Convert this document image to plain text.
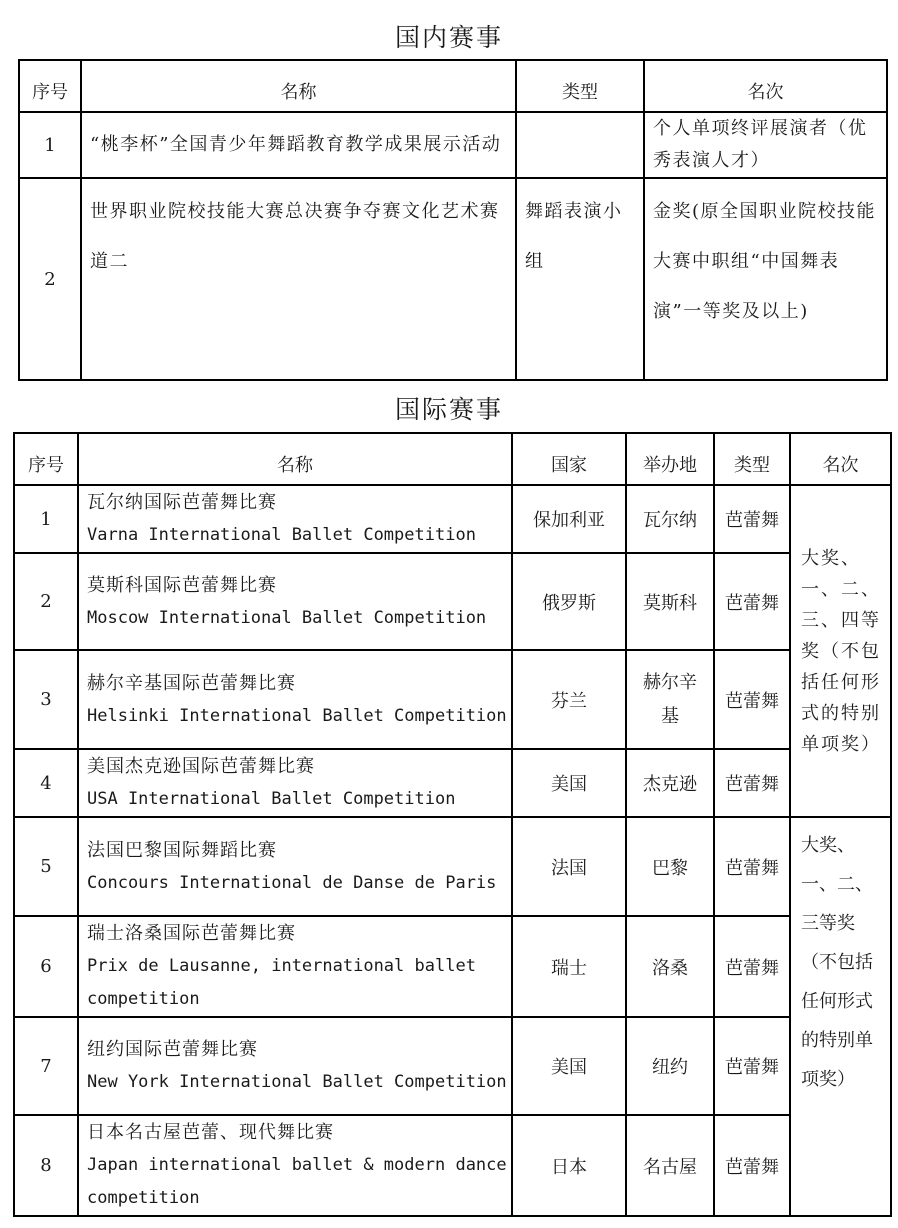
国内赛事
序号	名称	类型	名次
1	“桃李杯”全国青少年舞蹈教育教学成果展示活动		个人单项终评展演者（优秀表演人才）
2	世界职业院校技能大赛总决赛争夺赛文化艺术赛道二	舞蹈表演小组	金奖(原全国职业院校技能大赛中职组“中国舞表演”一等奖及以上)
国际赛事
序号	名称	国家	举办地	类型	名次
1	瓦尔纳国际芭蕾舞比赛
Varna International Ballet Competition	保加利亚	瓦尔纳	芭蕾舞	大奖、一、二、三、四等奖（不包括任何形式的特别单项奖）
2	莫斯科国际芭蕾舞比赛
Moscow International Ballet Competition	俄罗斯	莫斯科	芭蕾舞	
3	赫尔辛基国际芭蕾舞比赛
Helsinki International Ballet Competition	芬兰	赫尔辛基	芭蕾舞	
4	美国杰克逊国际芭蕾舞比赛
USA International Ballet Competition	美国	杰克逊	芭蕾舞	
5	法国巴黎国际舞蹈比赛
Concours International de Danse de Paris	法国	巴黎	芭蕾舞	大奖、一、二、三等奖（不包括任何形式的特别单项奖）
6	瑞士洛桑国际芭蕾舞比赛
Prix de Lausanne, international ballet competition	瑞士	洛桑	芭蕾舞	
7	纽约国际芭蕾舞比赛
New York International Ballet Competition	美国	纽约	芭蕾舞	
8	日本名古屋芭蕾、现代舞比赛
Japan international ballet & modern dance competition	日本	名古屋	芭蕾舞	
